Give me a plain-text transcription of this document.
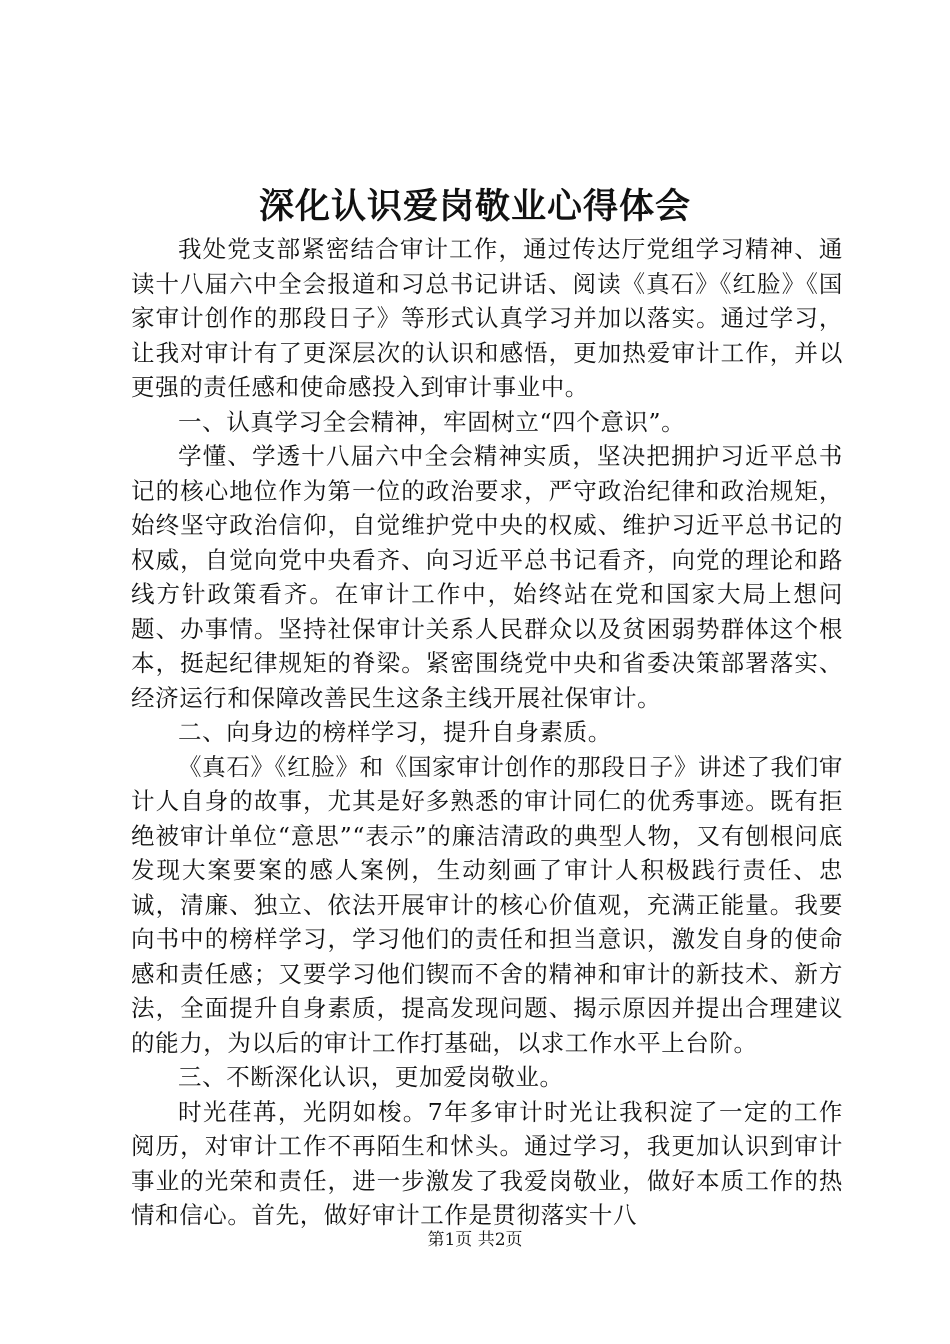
深化认识爱岗敬业心得体会

我处党支部紧密结合审计工作，通过传达厅党组学习精神、通读十八届六中全会报道和习总书记讲话、阅读《真石》《红脸》《国家审计创作的那段日子》等形式认真学习并加以落实。通过学习，让我对审计有了更深层次的认识和感悟，更加热爱审计工作，并以更强的责任感和使命感投入到审计事业中。

一、认真学习全会精神，牢固树立“四个意识”。

学懂、学透十八届六中全会精神实质，坚决把拥护习近平总书记的核心地位作为第一位的政治要求，严守政治纪律和政治规矩，始终坚守政治信仰，自觉维护党中央的权威、维护习近平总书记的权威，自觉向党中央看齐、向习近平总书记看齐，向党的理论和路线方针政策看齐。在审计工作中，始终站在党和国家大局上想问题、办事情。坚持社保审计关系人民群众以及贫困弱势群体这个根本，挺起纪律规矩的脊梁。紧密围绕党中央和省委决策部署落实、经济运行和保障改善民生这条主线开展社保审计。

二、向身边的榜样学习，提升自身素质。

《真石》《红脸》和《国家审计创作的那段日子》讲述了我们审计人自身的故事，尤其是好多熟悉的审计同仁的优秀事迹。既有拒绝被审计单位“意思”“表示”的廉洁清政的典型人物，又有刨根问底发现大案要案的感人案例，生动刻画了审计人积极践行责任、忠诚，清廉、独立、依法开展审计的核心价值观，充满正能量。我要向书中的榜样学习，学习他们的责任和担当意识，激发自身的使命感和责任感；又要学习他们锲而不舍的精神和审计的新技术、新方法，全面提升自身素质，提高发现问题、揭示原因并提出合理建议的能力，为以后的审计工作打基础，以求工作水平上台阶。

三、不断深化认识，更加爱岗敬业。

时光荏苒，光阴如梭。7年多审计时光让我积淀了一定的工作阅历，对审计工作不再陌生和怵头。通过学习，我更加认识到审计事业的光荣和责任，进一步激发了我爱岗敬业，做好本质工作的热情和信心。首先，做好审计工作是贯彻落实十八

第1页 共2页
